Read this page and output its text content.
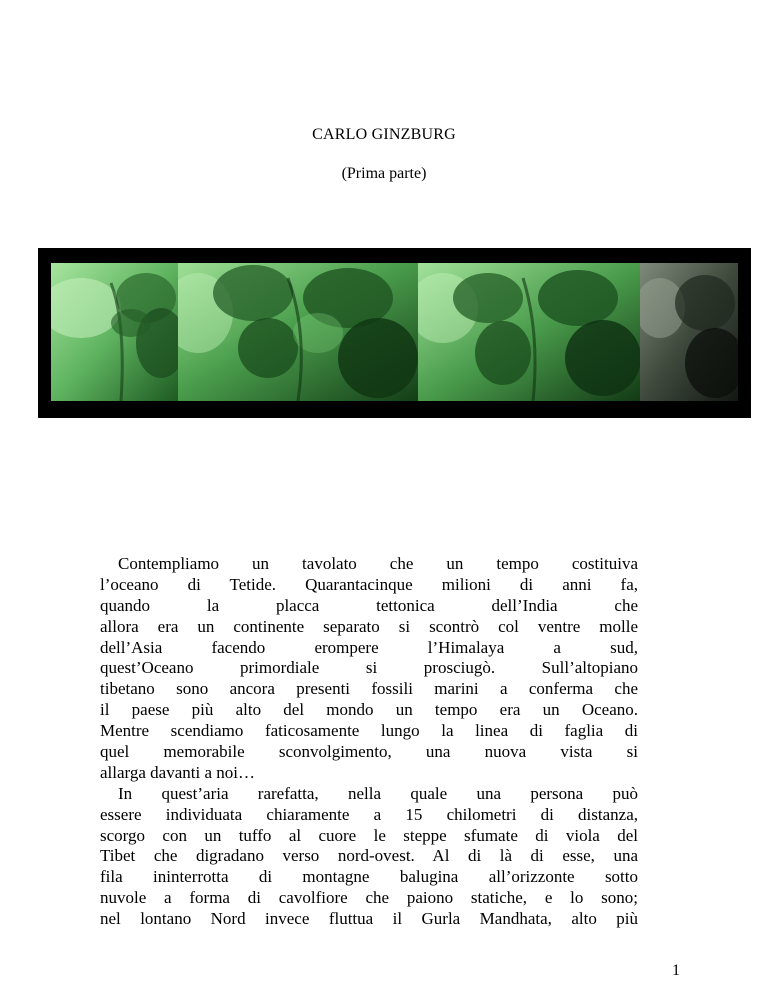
CARLO GINZBURG
(Prima parte)
Contempliamo un tavolato che un tempo costituiva
l’oceano di Tetide. Quarantacinque milioni di anni fa,
quando la placca tettonica dell’India che
allora era un continente separato si scontrò col ventre molle
dell’Asia facendo erompere l’Himalaya a sud,
quest’Oceano primordiale si prosciugò. Sull’altopiano
tibetano sono ancora presenti fossili marini a conferma che
il paese più alto del mondo un tempo era un Oceano.
Mentre scendiamo faticosamente lungo la linea di faglia di
quel memorabile sconvolgimento, una nuova vista si
allarga davanti a noi…
In quest’aria rarefatta, nella quale una persona può
essere individuata chiaramente a 15 chilometri di distanza,
scorgo con un tuffo al cuore le steppe sfumate di viola del
Tibet che digradano verso nord-ovest. Al di là di esse, una
fila ininterrotta di montagne balugina all’orizzonte sotto
nuvole a forma di cavolfiore che paiono statiche, e lo sono;
nel lontano Nord invece fluttua il Gurla Mandhata, alto più
1
